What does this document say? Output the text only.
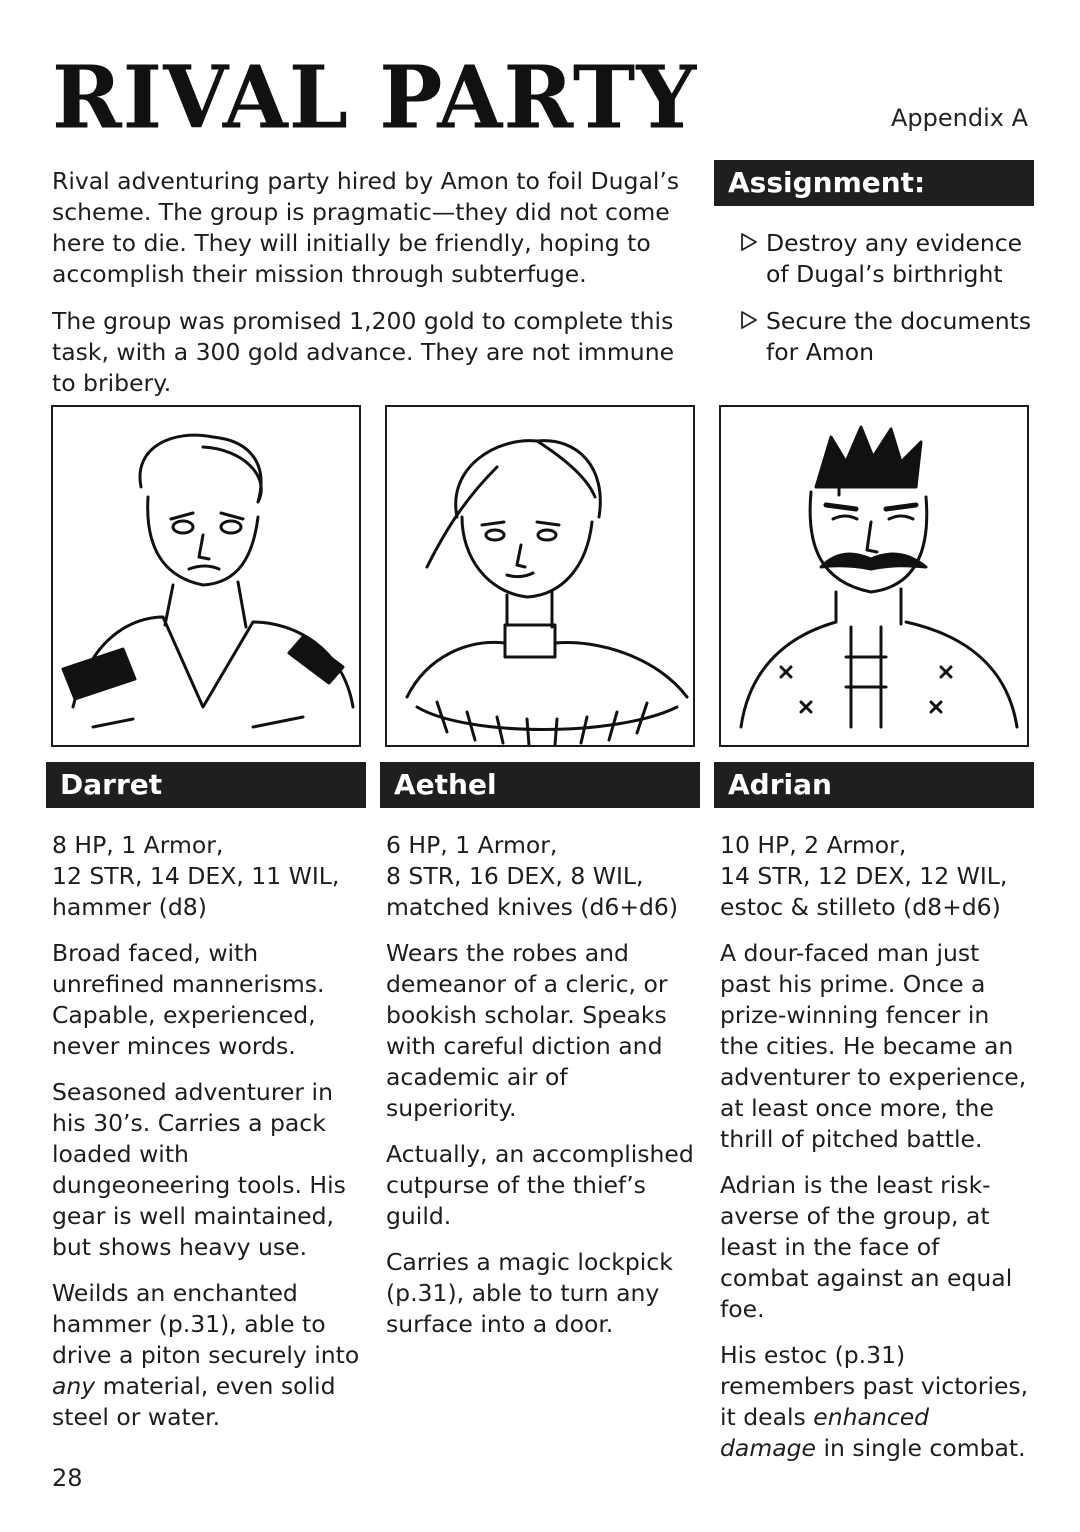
RIVAL PARTY	Appendix A

Rival adventuring party hired by Amon to foil Dugal’s scheme. The group is pragmatic—they did not come here to die. They will initially be friendly, hoping to accomplish their mission through subterfuge.

The group was promised 1,200 gold to complete this task, with a 300 gold advance. They are not immune to bribery.

Assignment:
Destroy any evidence of Dugal’s birthright
Secure the documents for Amon
Darret

8 HP, 1 Armor,
12 STR, 14 DEX, 11 WIL,
hammer (d8)

Broad faced, with unrefined mannerisms. Capable, experienced, never minces words.

Seasoned adventurer in his 30’s. Carries a pack loaded with dungeoneering tools. His gear is well maintained, but shows heavy use.

Weilds an enchanted hammer (p.31), able to drive a piton securely into any material, even solid steel or water.

Aethel

6 HP, 1 Armor,
8 STR, 16 DEX, 8 WIL,
matched knives (d6+d6)

Wears the robes and demeanor of a cleric, or bookish scholar. Speaks with careful diction and academic air of superiority.

Actually, an accomplished cutpurse of the thief’s guild.

Carries a magic lockpick (p.31), able to turn any surface into a door.

Adrian

10 HP, 2 Armor,
14 STR, 12 DEX, 12 WIL,
estoc & stilleto (d8+d6)

A dour-faced man just past his prime. Once a prize-winning fencer in the cities. He became an adventurer to experience, at least once more, the thrill of pitched battle.

Adrian is the least risk-averse of the group, at least in the face of combat against an equal foe.

His estoc (p.31) remembers past victories, it deals enhanced damage in single combat.

28
